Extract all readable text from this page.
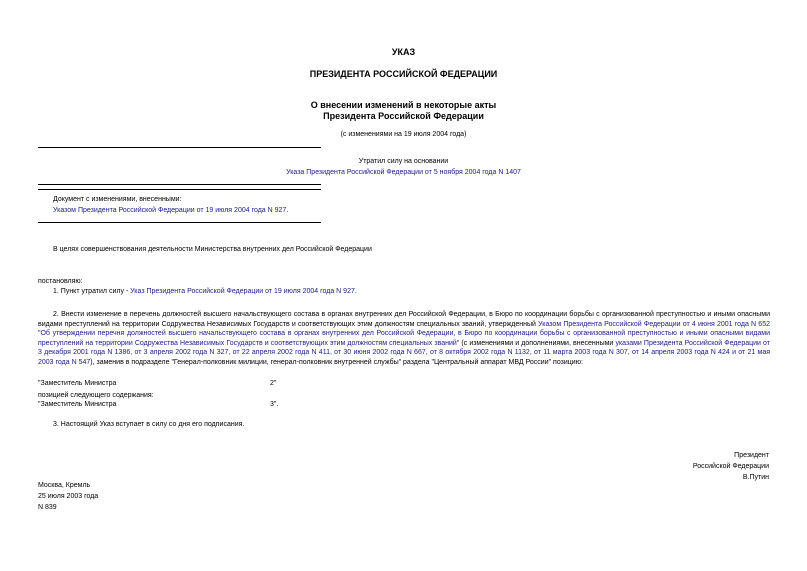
УКАЗ
ПРЕЗИДЕНТА РОССИЙСКОЙ ФЕДЕРАЦИИ
О внесении изменений в некоторые акты
Президента Российской Федерации
(с изменениями на 19 июля 2004 года)
Утратил силу на основании
Указа Президента Российской Федерации от 5 ноября 2004 года N 1407
Документ с изменениями, внесенными:
Указом Президента Российской Федерации от 19 июля 2004 года N 927.
В целях совершенствования деятельности Министерства внутренних дел Российской Федерации
постановляю:
1. Пункт утратил силу - Указ Президента Российской Федерации от 19 июля 2004 года N 927.
2. Внести изменение в перечень должностей высшего начальствующего состава в органах внутренних дел Российской Федерации, в Бюро по координации борьбы с организованной преступностью и иными опасными видами преступлений на территории Содружества Независимых Государств и соответствующих этим должностям специальных званий, утвержденный Указом Президента Российской Федерации от 4 июня 2001 года N 652 "Об утверждении перечня должностей высшего начальствующего состава в органах внутренних дел Российской Федерации, в Бюро по координации борьбы с организованной преступностью и иными опасными видами преступлений на территории Содружества Независимых Государств и соответствующих этим должностям специальных званий" (с изменениями и дополнениями, внесенными указами Президента Российской Федерации от 3 декабря 2001 года N 1386, от 3 апреля 2002 года N 327, от 22 апреля 2002 года N 411, от 30 июня 2002 года N 667, от 8 октября 2002 года N 1132, от 11 марта 2003 года N 307, от 14 апреля 2003 года N 424 и от 21 мая 2003 года N 547), заменив в подразделе "Генерал-полковник милиции, генерал-полковник внутренней службы" раздела "Центральный аппарат МВД России" позицию:
"Заместитель Министра	2"
позицией следующего содержания:
"Заместитель Министра	3".
3. Настоящий Указ вступает в силу со дня его подписания.
Президент
Российской Федерации
В.Путин
Москва, Кремль
25 июля 2003 года
N 839
